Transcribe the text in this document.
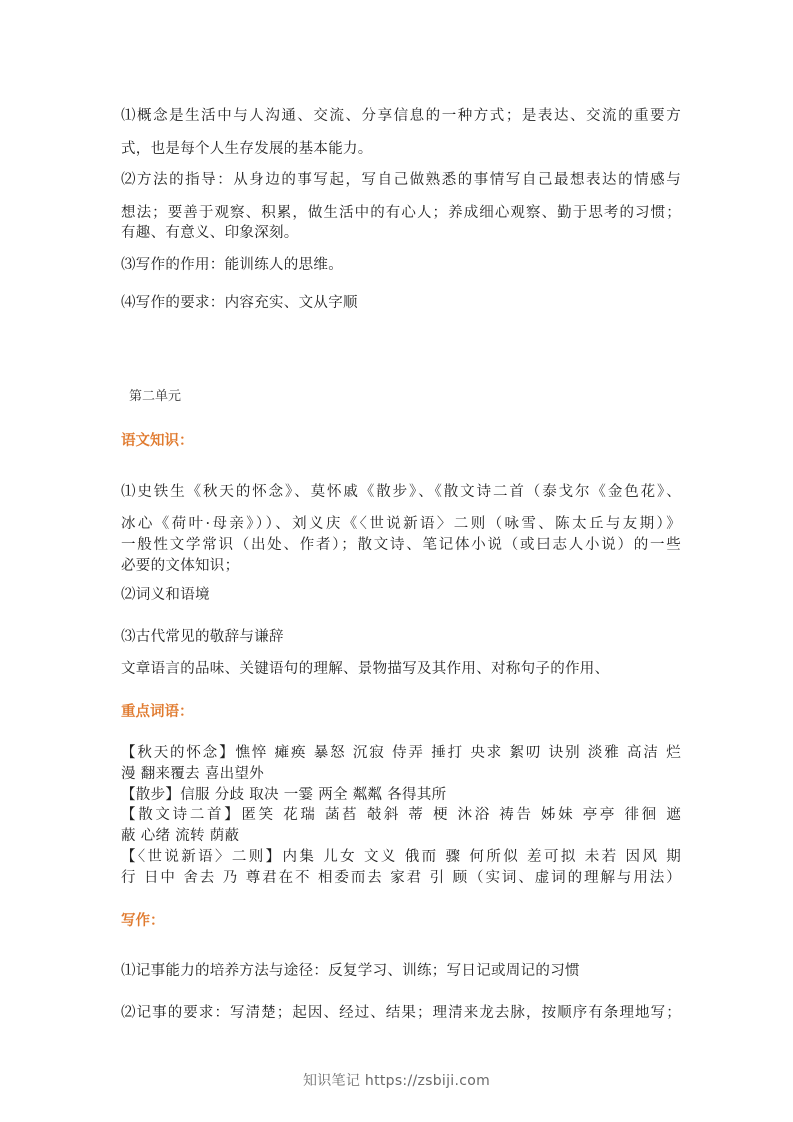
⑴概念是生活中与人沟通、交流、分享信息的一种方式；是表达、交流的重要方
式，也是每个人生存发展的基本能力。
⑵方法的指导：从身边的事写起，写自己做熟悉的事情写自己最想表达的情感与
想法；要善于观察、积累，做生活中的有心人；养成细心观察、勤于思考的习惯；
有趣、有意义、印象深刻。
⑶写作的作用：能训练人的思维。
⑷写作的要求：内容充实、文从字顺
第二单元
语文知识：
⑴史铁生《秋天的怀念》、莫怀戚《散步》、《散文诗二首（泰戈尔《金色花》、
冰心《荷叶·母亲》））、刘义庆《〈世说新语〉二则（咏雪、陈太丘与友期）》
一般性文学常识（出处、作者）；散文诗、笔记体小说（或曰志人小说）的一些
必要的文体知识；
⑵词义和语境
⑶古代常见的敬辞与谦辞
文章语言的品味、关键语句的理解、景物描写及其作用、对称句子的作用、
重点词语：
【秋天的怀念】憔悴 瘫痪 暴怒 沉寂 侍弄 捶打 央求 絮叨 诀别 淡雅 高洁 烂
漫 翻来覆去 喜出望外
【散步】信服 分歧 取决 一霎 两全 粼粼 各得其所
【散文诗二首】匿笑 花瑞 菡萏 攲斜 蒂 梗 沐浴 祷告 姊妹 亭亭 徘徊 遮
蔽 心绪 流转 荫蔽
【〈世说新语〉二则】内集 儿女 文义 俄而 骤 何所似 差可拟 未若 因风 期
行 日中 舍去 乃 尊君在不 相委而去 家君 引 顾（实词、虚词的理解与用法）
写作：
⑴记事能力的培养方法与途径：反复学习、训练；写日记或周记的习惯
⑵记事的要求：写清楚；起因、经过、结果；理清来龙去脉，按顺序有条理地写；
知识笔记 https://zsbiji.com
